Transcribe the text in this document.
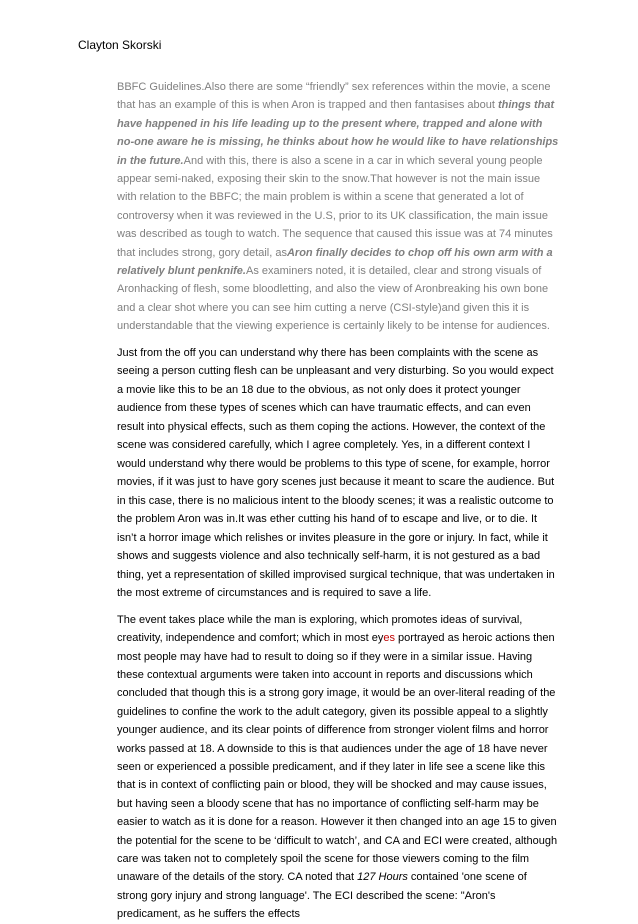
Clayton Skorski

BBFC Guidelines.Also there are some “friendly” sex references within the movie, a scene that has an example of this is when Aron is trapped and then fantasises about things that have happened in his life leading up to the present where, trapped and alone with no-one aware he is missing, he thinks about how he would like to have relationships in the future.And with this, there is also a scene in a car in which several young people appear semi-naked, exposing their skin to the snow.That however is not the main issue with relation to the BBFC; the main problem is within a scene that generated a lot of controversy when it was reviewed in the U.S, prior to its UK classification, the main issue was described as tough to watch. The sequence that caused this issue was at 74 minutes that includes strong, gory detail, asAron finally decides to chop off his own arm with a relatively blunt penknife.As examiners noted, it is detailed, clear and strong visuals of Aronhacking of flesh, some bloodletting, and also the view of Aronbreaking his own bone and a clear shot where you can see him cutting a nerve (CSI-style)and given this it is understandable that the viewing experience is certainly likely to be intense for audiences.

Just from the off you can understand why there has been complaints with the scene as seeing a person cutting flesh can be unpleasant and very disturbing. So you would expect a movie like this to be an 18 due to the obvious, as not only does it protect younger audience from these types of scenes which can have traumatic effects, and can even result into physical effects, such as them coping the actions. However, the context of the scene was considered carefully, which I agree completely. Yes, in a different context I would understand why there would be problems to this type of scene, for example, horror movies, if it was just to have gory scenes just because it meant to scare the audience. But in this case, there is no malicious intent to the bloody scenes; it was a realistic outcome to the problem Aron was in.It was ether cutting his hand of to escape and live, or to die. It isn’t a horror image which relishes or invites pleasure in the gore or injury. In fact, while it shows and suggests violence and also technically self-harm, it is not gestured as a bad thing, yet a representation of skilled improvised surgical technique, that was undertaken in the most extreme of circumstances and is required to save a life.

The event takes place while the man is exploring, which promotes ideas of survival, creativity, independence and comfort; which in most eyes portrayed as heroic actions then most people may have had to result to doing so if they were in a similar issue. Having these contextual arguments were taken into account in reports and discussions which concluded that though this is a strong gory image, it would be an over-literal reading of the guidelines to confine the work to the adult category, given its possible appeal to a slightly younger audience, and its clear points of difference from stronger violent films and horror works passed at 18. A downside to this is that audiences under the age of 18 have never seen or experienced a possible predicament, and if they later in life see a scene like this that is in context of conflicting pain or blood, they will be shocked and may cause issues, but having seen a bloody scene that has no importance of conflicting self-harm may be easier to watch as it is done for a reason. However it then changed into an age 15 to given the potential for the scene to be ‘difficult to watch’, and CA and ECI were created, although care was taken not to completely spoil the scene for those viewers coming to the film unaware of the details of the story. CA noted that 127 Hours contained 'one scene of strong gory injury and strong language'. The ECI described the scene: "Aron's predicament, as he suffers the effects
